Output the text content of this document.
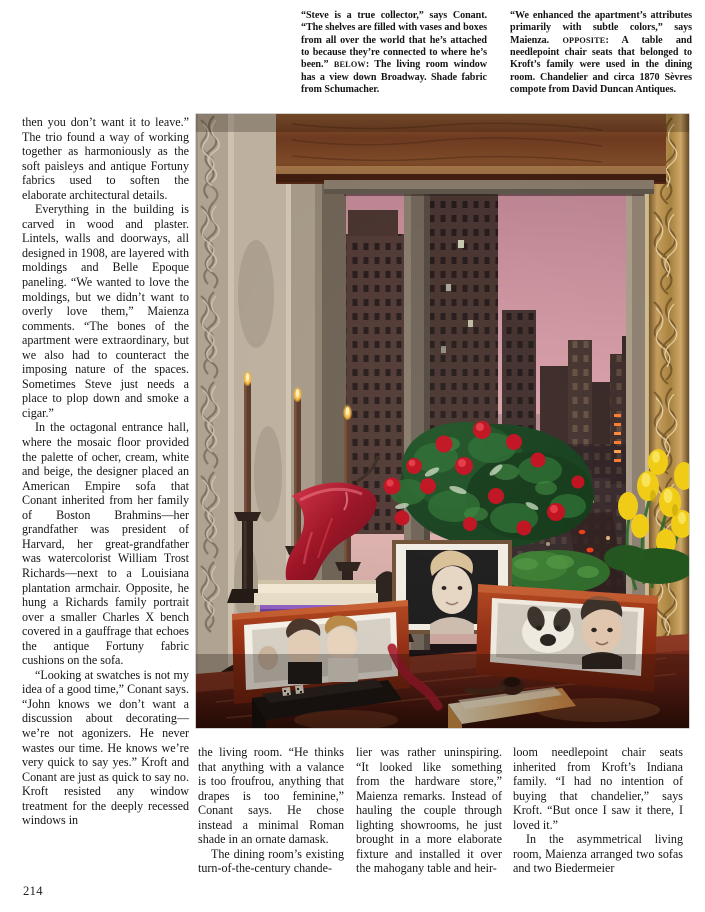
“Steve is a true collector,” says Conant. “The shelves are filled with vases and boxes from all over the world that he’s attached to because they’re connected to where he’s been.” BELOW: The living room window has a view down Broadway. Shade fabric from Schumacher.
“We enhanced the apartment’s attributes primarily with subtle colors,” says Maienza. OPPOSITE: A table and needlepoint chair seats that belonged to Kroft’s family were used in the dining room. Chandelier and circa 1870 Sèvres compote from David Duncan Antiques.

then you don’t want it to leave.” The trio found a way of working together as harmoniously as the soft paisleys and antique Fortuny fabrics used to soften the elaborate architectural details.

Everything in the building is carved in wood and plaster. Lintels, walls and doorways, all designed in 1908, are layered with moldings and Belle Epoque paneling. “We wanted to love the moldings, but we didn’t want to overly love them,” Maienza comments. “The bones of the apartment were extraordinary, but we also had to counteract the imposing nature of the spaces. Sometimes Steve just needs a place to plop down and smoke a cigar.”

In the octagonal entrance hall, where the mosaic floor provided the palette of ocher, cream, white and beige, the designer placed an American Empire sofa that Conant inherited from her family of Boston Brahmins—her grandfather was president of Harvard, her great-grandfather was watercolorist William Trost Richards—next to a Louisiana plantation armchair. Opposite, he hung a Richards family portrait over a smaller Charles X bench covered in a gauffrage that echoes the antique Fortuny fabric cushions on the sofa.

“Looking at swatches is not my idea of a good time,” Conant says. “John knows we don’t want a discussion about decorating—we’re not agonizers. He never wastes our time. He knows we’re very quick to say yes.” Kroft and Conant are just as quick to say no. Kroft resisted any window treatment for the deeply recessed windows in

the living room. “He thinks that anything with a valance is too froufrou, anything that drapes is too feminine,” Conant says. He chose instead a minimal Roman shade in an ornate damask.

The dining room’s existing turn-of-the-century chande-

lier was rather uninspiring. “It looked like something from the hardware store,” Maienza remarks. Instead of hauling the couple through lighting showrooms, he just brought in a more elaborate fixture and installed it over the mahogany table and heir-

loom needlepoint chair seats inherited from Kroft’s Indiana family. “I had no intention of buying that chandelier,” says Kroft. “But once I saw it there, I loved it.”

In the asymmetrical living room, Maienza arranged two sofas and two Biedermeier

214
